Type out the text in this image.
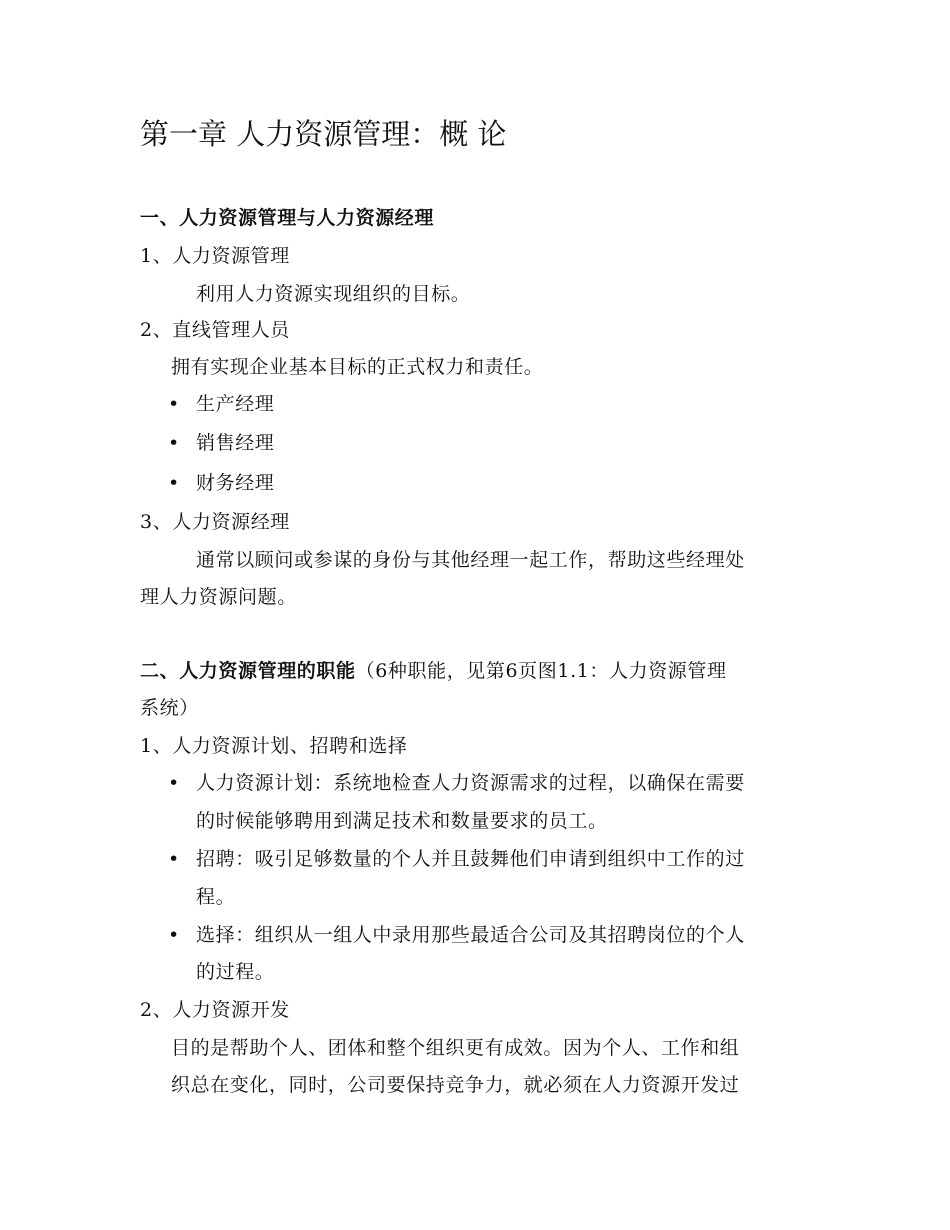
第一章 人力资源管理：概 论
一、人力资源管理与人力资源经理
1、人力资源管理
利用人力资源实现组织的目标。
2、直线管理人员
拥有实现企业基本目标的正式权力和责任。
• 生产经理
• 销售经理
• 财务经理
3、人力资源经理
通常以顾问或参谋的身份与其他经理一起工作，帮助这些经理处
理人力资源问题。
二、人力资源管理的职能（6种职能，见第6页图1.1：人力资源管理
系统）
1、人力资源计划、招聘和选择
• 人力资源计划：系统地检查人力资源需求的过程，以确保在需要
的时候能够聘用到满足技术和数量要求的员工。
• 招聘：吸引足够数量的个人并且鼓舞他们申请到组织中工作的过
程。
• 选择：组织从一组人中录用那些最适合公司及其招聘岗位的个人
的过程。
2、人力资源开发
目的是帮助个人、团体和整个组织更有成效。因为个人、工作和组
织总在变化，同时，公司要保持竞争力，就必须在人力资源开发过
